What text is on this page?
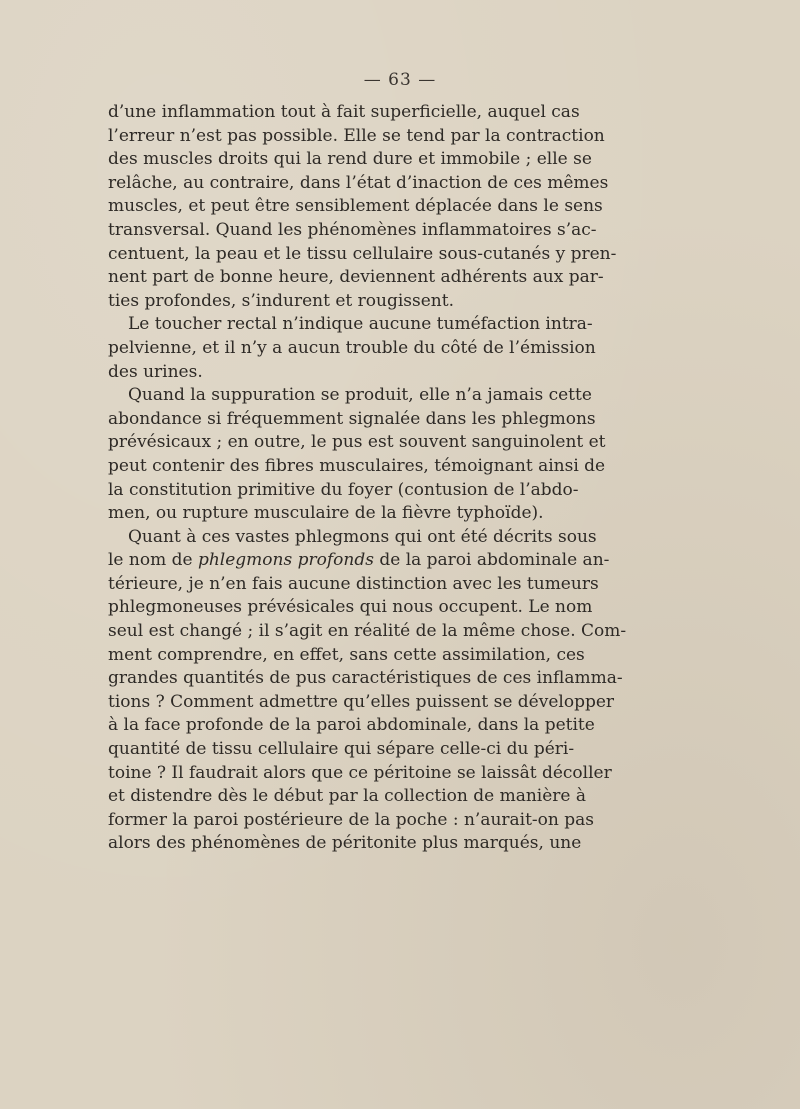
— 63 —
d’une inflammation tout à fait superficielle, auquel cas
l’erreur n’est pas possible. Elle se tend par la contraction
des muscles droits qui la rend dure et immobile ; elle se
relâche, au contraire, dans l’état d’inaction de ces mêmes
muscles, et peut être sensiblement déplacée dans le sens
transversal. Quand les phénomènes inflammatoires s’ac-
centuent, la peau et le tissu cellulaire sous-cutanés y pren-
nent part de bonne heure, deviennent adhérents aux par-
ties profondes, s’indurent et rougissent.
Le toucher rectal n’indique aucune tuméfaction intra-
pelvienne, et il n’y a aucun trouble du côté de l’émission
des urines.
Quand la suppuration se produit, elle n’a jamais cette
abondance si fréquemment signalée dans les phlegmons
prévésicaux ; en outre, le pus est souvent sanguinolent et
peut contenir des fibres musculaires, témoignant ainsi de
la constitution primitive du foyer (contusion de l’abdo-
men, ou rupture musculaire de la fièvre typhoïde).
Quant à ces vastes phlegmons qui ont été décrits sous
le nom de phlegmons profonds de la paroi abdominale an-
térieure, je n’en fais aucune distinction avec les tumeurs
phlegmoneuses prévésicales qui nous occupent. Le nom
seul est changé ; il s’agit en réalité de la même chose. Com-
ment comprendre, en effet, sans cette assimilation, ces
grandes quantités de pus caractéristiques de ces inflamma-
tions ? Comment admettre qu’elles puissent se développer
à la face profonde de la paroi abdominale, dans la petite
quantité de tissu cellulaire qui sépare celle-ci du péri-
toine ? Il faudrait alors que ce péritoine se laissât décoller
et distendre dès le début par la collection de manière à
former la paroi postérieure de la poche : n’aurait-on pas
alors des phénomènes de péritonite plus marqués, une
